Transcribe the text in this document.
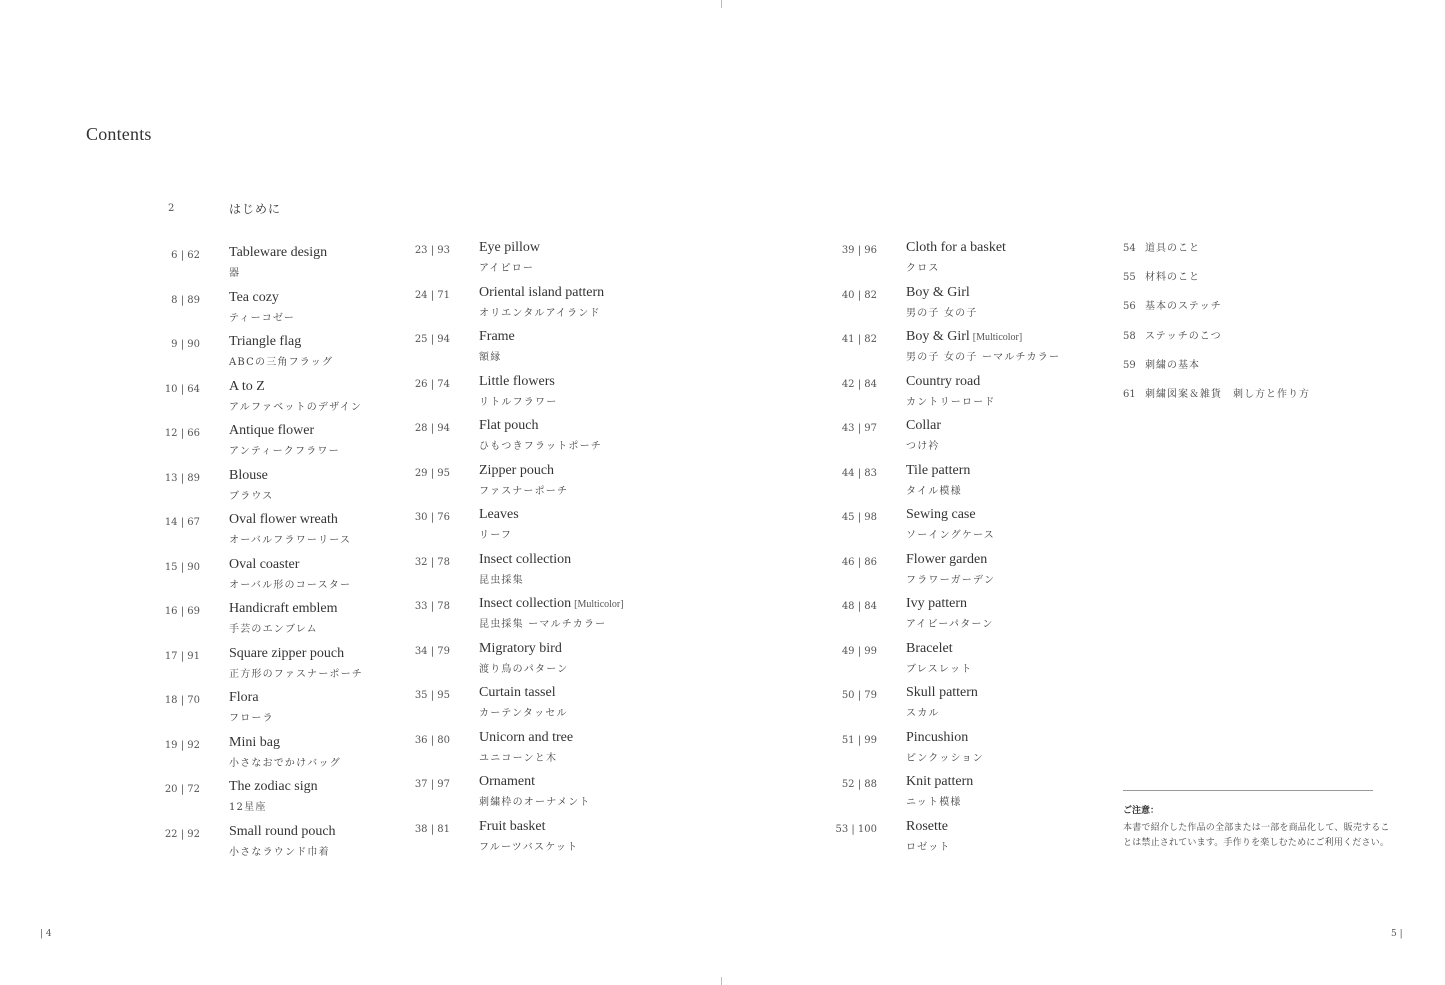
Contents
2	はじめに
6 | 62 Tableware design
器
8 | 89 Tea cozy
ティーコゼー
9 | 90 Triangle flag
ABCの三角フラッグ
10 | 64 A to Z
アルファベットのデザイン
12 | 66 Antique flower
アンティークフラワー
13 | 89 Blouse
ブラウス
14 | 67 Oval flower wreath
オーバルフラワーリース
15 | 90 Oval coaster
オーバル形のコースター
16 | 69 Handicraft emblem
手芸のエンブレム
17 | 91 Square zipper pouch
正方形のファスナーポーチ
18 | 70 Flora
フローラ
19 | 92 Mini bag
小さなおでかけバッグ
20 | 72 The zodiac sign
12星座
22 | 92 Small round pouch
小さなラウンド巾着
23 | 93 Eye pillow
アイピロー
24 | 71 Oriental island pattern
オリエンタルアイランド
25 | 94 Frame
額縁
26 | 74 Little flowers
リトルフラワー
28 | 94 Flat pouch
ひもつきフラットポーチ
29 | 95 Zipper pouch
ファスナーポーチ
30 | 76 Leaves
リーフ
32 | 78 Insect collection
昆虫採集
33 | 78 Insect collection [Multicolor]
昆虫採集 ーマルチカラー
34 | 79 Migratory bird
渡り鳥のパターン
35 | 95 Curtain tassel
カーテンタッセル
36 | 80 Unicorn and tree
ユニコーンと木
37 | 97 Ornament
刺繍枠のオーナメント
38 | 81 Fruit basket
フルーツバスケット
39 | 96 Cloth for a basket
クロス
40 | 82 Boy & Girl
男の子 女の子
41 | 82 Boy & Girl [Multicolor]
男の子 女の子 ーマルチカラー
42 | 84 Country road
カントリーロード
43 | 97 Collar
つけ衿
44 | 83 Tile pattern
タイル模様
45 | 98 Sewing case
ソーイングケース
46 | 86 Flower garden
フラワーガーデン
48 | 84 Ivy pattern
アイビーパターン
49 | 99 Bracelet
ブレスレット
50 | 79 Skull pattern
スカル
51 | 99 Pincushion
ピンクッション
52 | 88 Knit pattern
ニット模様
53 | 100 Rosette
ロゼット
54 道具のこと
55 材料のこと
56 基本のステッチ
58 ステッチのこつ
59 刺繍の基本
61 刺繍図案＆雑貨　刺し方と作り方
ご注意：
本書で紹介した作品の全部または一部を商品化して、販売することは禁止されています。手作りを楽しむためにご利用ください。
| 4	5 |
